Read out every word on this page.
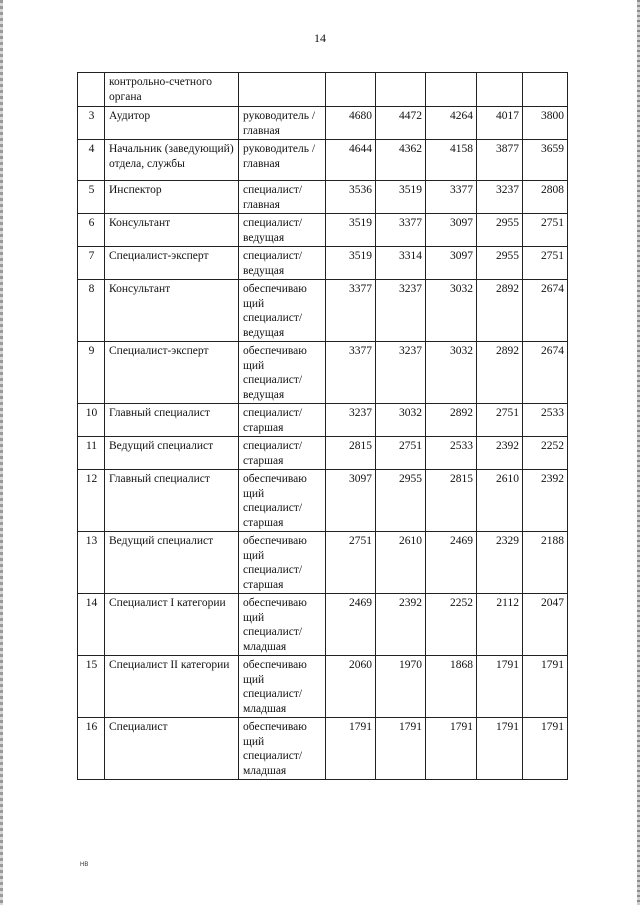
14
	контрольно-счетного органа						
3	Аудитор	руководитель /главная	4680	4472	4264	4017	3800
4	Начальник (заведующий) отдела, службы	руководитель /главная	4644	4362	4158	3877	3659
5	Инспектор	специалист/ главная	3536	3519	3377	3237	2808
6	Консультант	специалист/ ведущая	3519	3377	3097	2955	2751
7	Специалист-эксперт	специалист/ ведущая	3519	3314	3097	2955	2751
8	Консультант	обеспечиваю щий специалист/ ведущая	3377	3237	3032	2892	2674
9	Специалист-эксперт	обеспечиваю щий специалист/ ведущая	3377	3237	3032	2892	2674
10	Главный специалист	специалист/ старшая	3237	3032	2892	2751	2533
11	Ведущий специалист	специалист/ старшая	2815	2751	2533	2392	2252
12	Главный специалист	обеспечиваю щий специалист/ старшая	3097	2955	2815	2610	2392
13	Ведущий специалист	обеспечиваю щий специалист/ старшая	2751	2610	2469	2329	2188
14	Специалист I категории	обеспечиваю щий специалист/ младшая	2469	2392	2252	2112	2047
15	Специалист II категории	обеспечиваю щий специалист/ младшая	2060	1970	1868	1791	1791
16	Специалист	обеспечиваю щий специалист/ младшая	1791	1791	1791	1791	1791
HB
